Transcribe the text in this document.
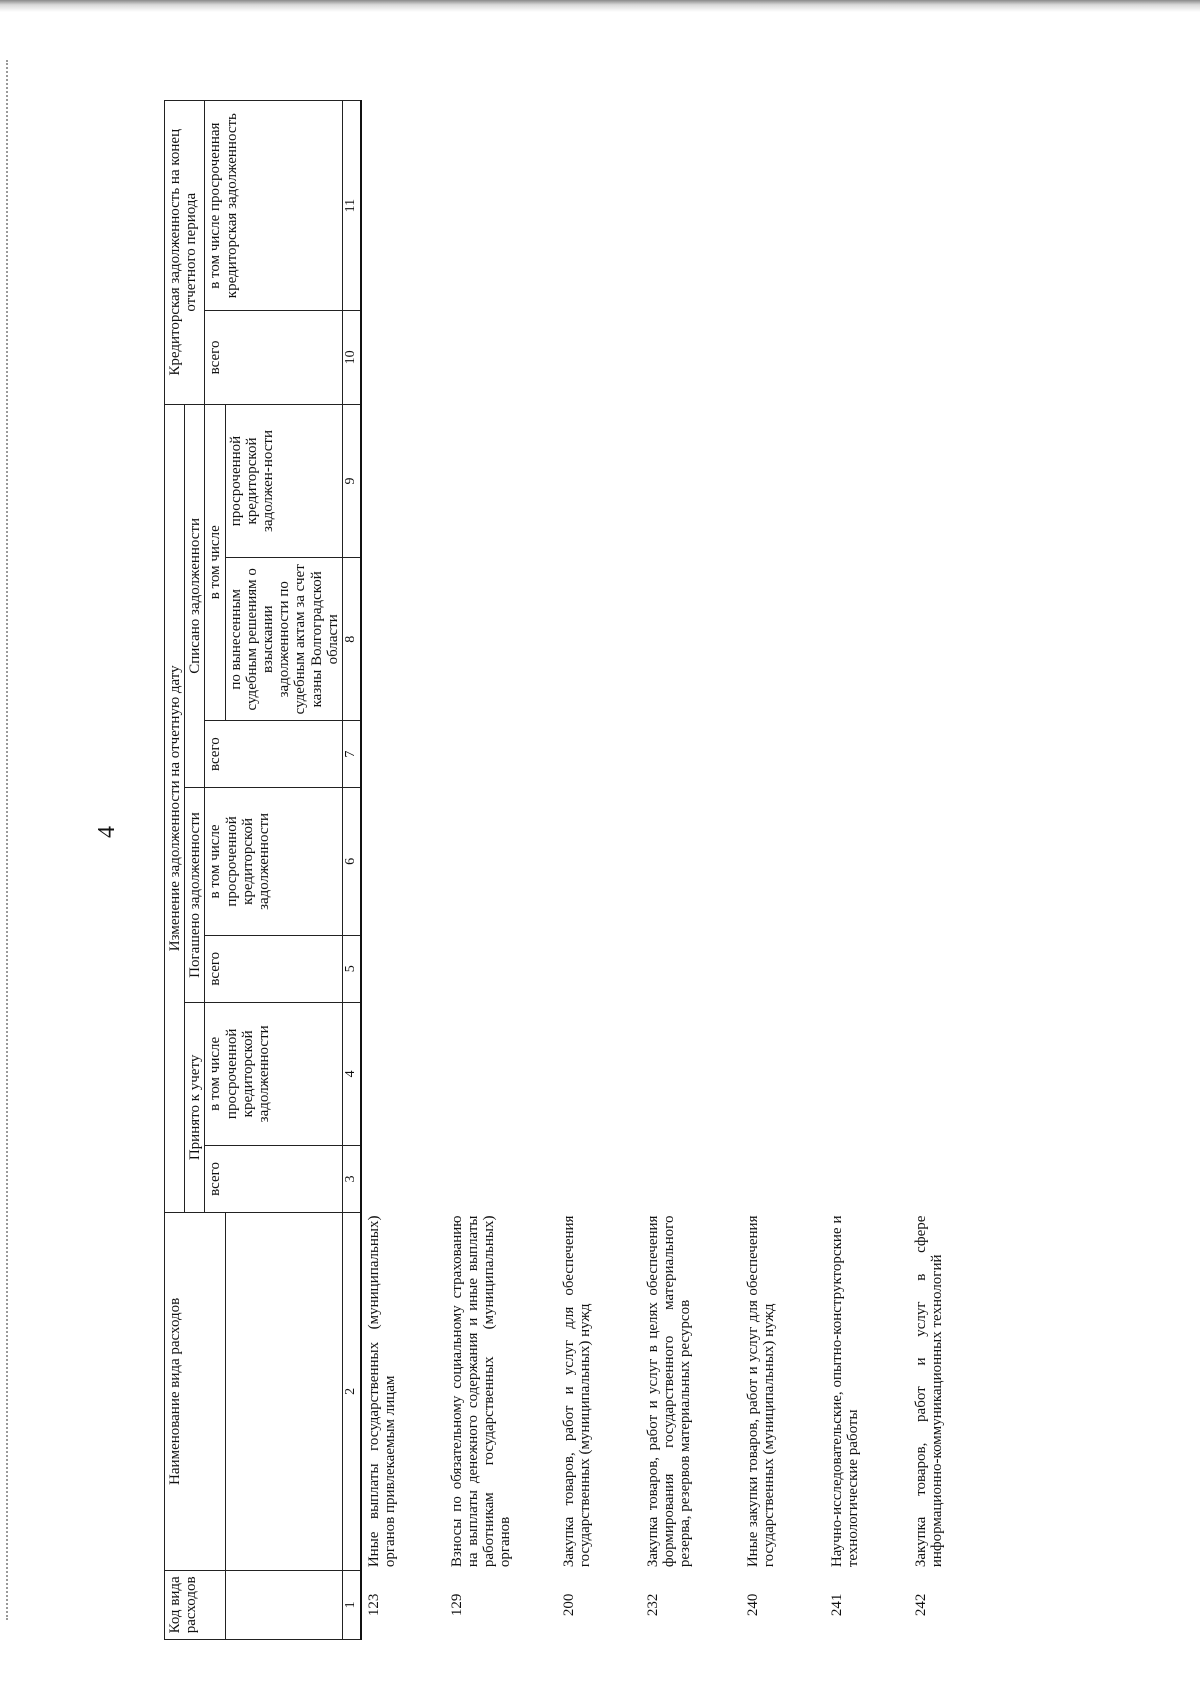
4
Код вида расходов	Наименование вида расходов	Изменение задолженности на отчетную дату							Кредиторская задолженность на конец отчетного периода	
		Принято к учету		Погашено задолженности		Списано задолженности				
		всего	в том числе просроченной кредиторской задолженности	всего	в том числе просроченной кредиторской задолженности	всего	в том числе		всего	в том числе просроченная кредиторская задолженность
							по вынесенным судебным решениям о взыскании задолженности по судебным актам за счет казны Волгоградской области	просроченной кредиторской задолжен-ности		
1	2	3	4	5	6	7	8	9	10	11
123	Иные выплаты государственных (муниципальных) органов привлекаемым лицам									
129	Взносы по обязательному социальному страхованию на выплаты денежного содержания и иные выплаты работникам государственных (муниципальных) органов									
200	Закупка товаров, работ и услуг для обеспечения государственных (муниципальных) нужд									
232	Закупка товаров, работ и услуг в целях обеспечения формирования государственного материального резерва, резервов материальных ресурсов									
240	Иные закупки товаров, работ и услуг для обеспечения государственных (муниципальных) нужд									
241	Научно-исследовательские, опытно-конструкторские и технологические работы									
242	Закупка товаров, работ и услуг в сфере информационно-коммуникационных технологий									
